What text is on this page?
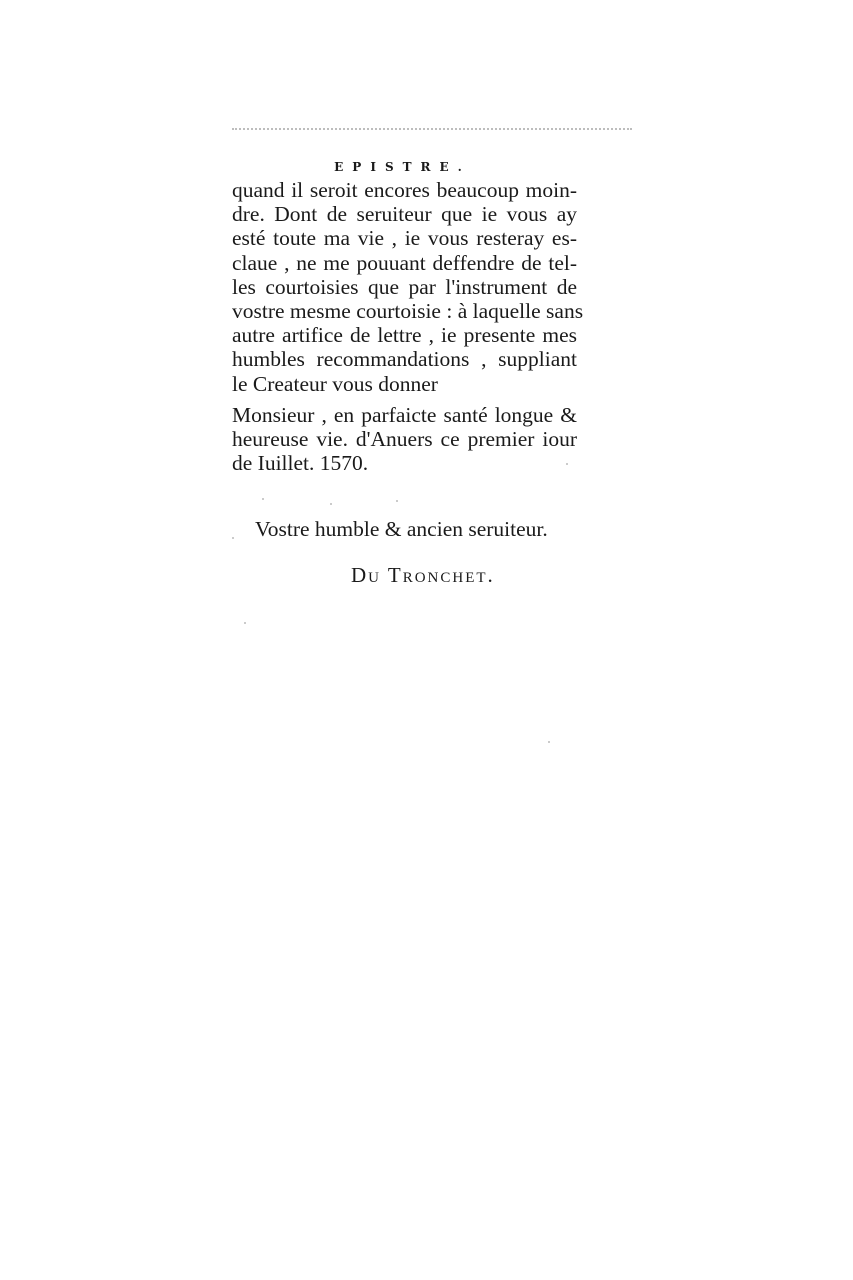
EPISTRE.
quand il seroit encores beaucoup moin-
dre. Dont de seruiteur que ie vous ay
esté toute ma vie , ie vous resteray es-
claue , ne me pouuant deffendre de tel-
les courtoisies que par l'instrument de
vostre mesme courtoisie : à laquelle sans
autre artifice de lettre , ie presente mes
humbles recommandations , suppliant
le Createur vous donner
Monsieur , en parfaicte santé longue &
heureuse vie. d'Anuers ce premier iour
de Iuillet. 1570.
Vostre humble & ancien seruiteur.
Du Tronchet.
